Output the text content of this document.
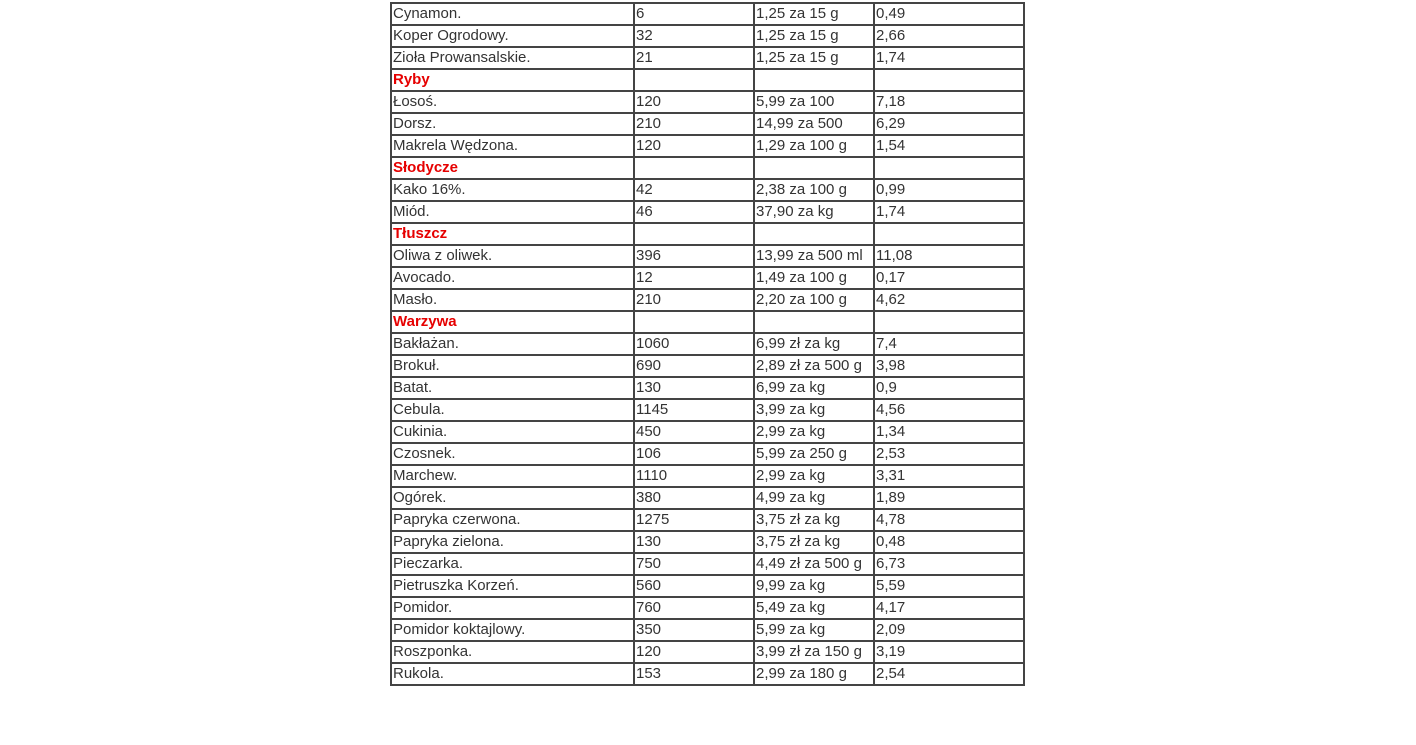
Cynamon.	6	1,25 za 15 g	0,49
Koper Ogrodowy.	32	1,25 za 15 g	2,66
Zioła Prowansalskie.	21	1,25 za 15 g	1,74
Ryby			
Łosoś.	120	5,99 za 100	7,18
Dorsz.	210	14,99 za 500	6,29
Makrela Wędzona.	120	1,29 za 100 g	1,54
Słodycze			
Kako 16%.	42	2,38 za 100 g	0,99
Miód.	46	37,90 za kg	1,74
Tłuszcz			
Oliwa z oliwek.	396	13,99 za 500 ml	11,08
Avocado.	12	1,49 za 100 g	0,17
Masło.	210	2,20 za 100 g	4,62
Warzywa			
Bakłażan.	1060	6,99 zł za kg	7,4
Brokuł.	690	2,89 zł za 500 g	3,98
Batat.	130	6,99 za kg	0,9
Cebula.	1145	3,99 za kg	4,56
Cukinia.	450	2,99 za kg	1,34
Czosnek.	106	5,99 za 250 g	2,53
Marchew.	1110	2,99 za kg	3,31
Ogórek.	380	4,99 za kg	1,89
Papryka czerwona.	1275	3,75 zł za kg	4,78
Papryka zielona.	130	3,75 zł za kg	0,48
Pieczarka.	750	4,49 zł za 500 g	6,73
Pietruszka Korzeń.	560	9,99 za kg	5,59
Pomidor.	760	5,49 za kg	4,17
Pomidor koktajlowy.	350	5,99 za kg	2,09
Roszponka.	120	3,99 zł za 150 g	3,19
Rukola.	153	2,99 za 180 g	2,54
